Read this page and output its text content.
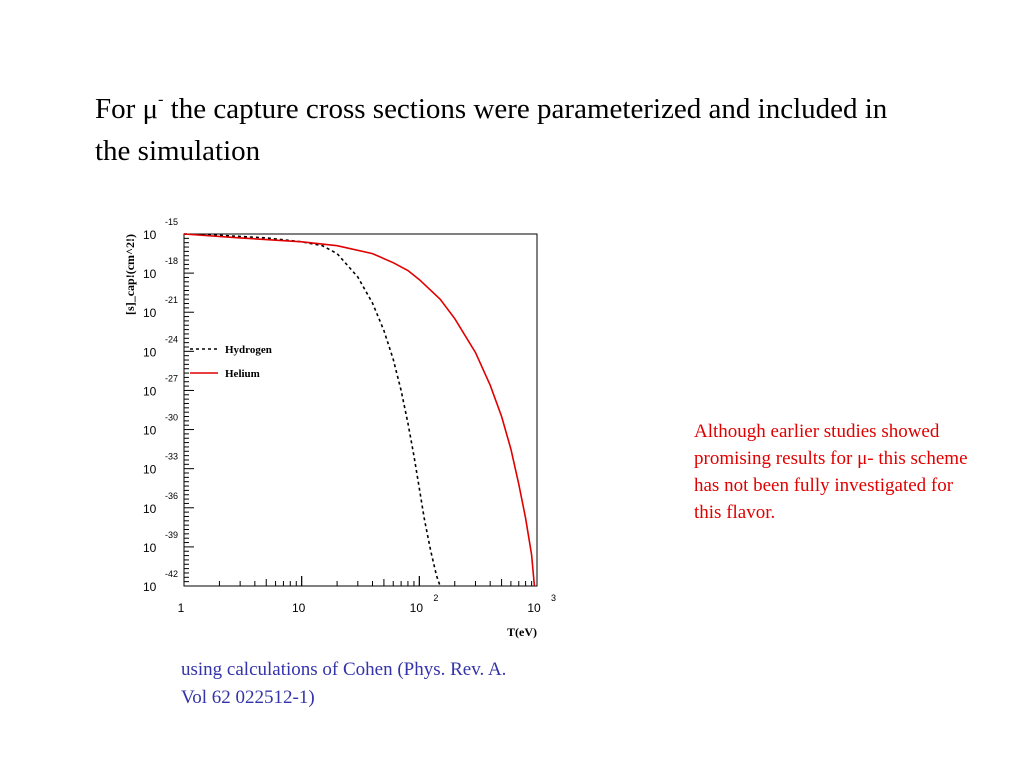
For μ- the capture cross sections were parameterized and included in the simulation
10
-15
10
-18
10
-21
10
-24
10
-27
10
-30
10
-33
10
-36
10
-39
10
-42
1	10	10
2
10
3
Hydrogen
Helium
T(eV)
[s]_cap!(cm^2!)
Although earlier studies showed promising results for μ- this scheme has not been fully investigated for this flavor.
using calculations of Cohen (Phys. Rev. A. Vol 62 022512-1)
